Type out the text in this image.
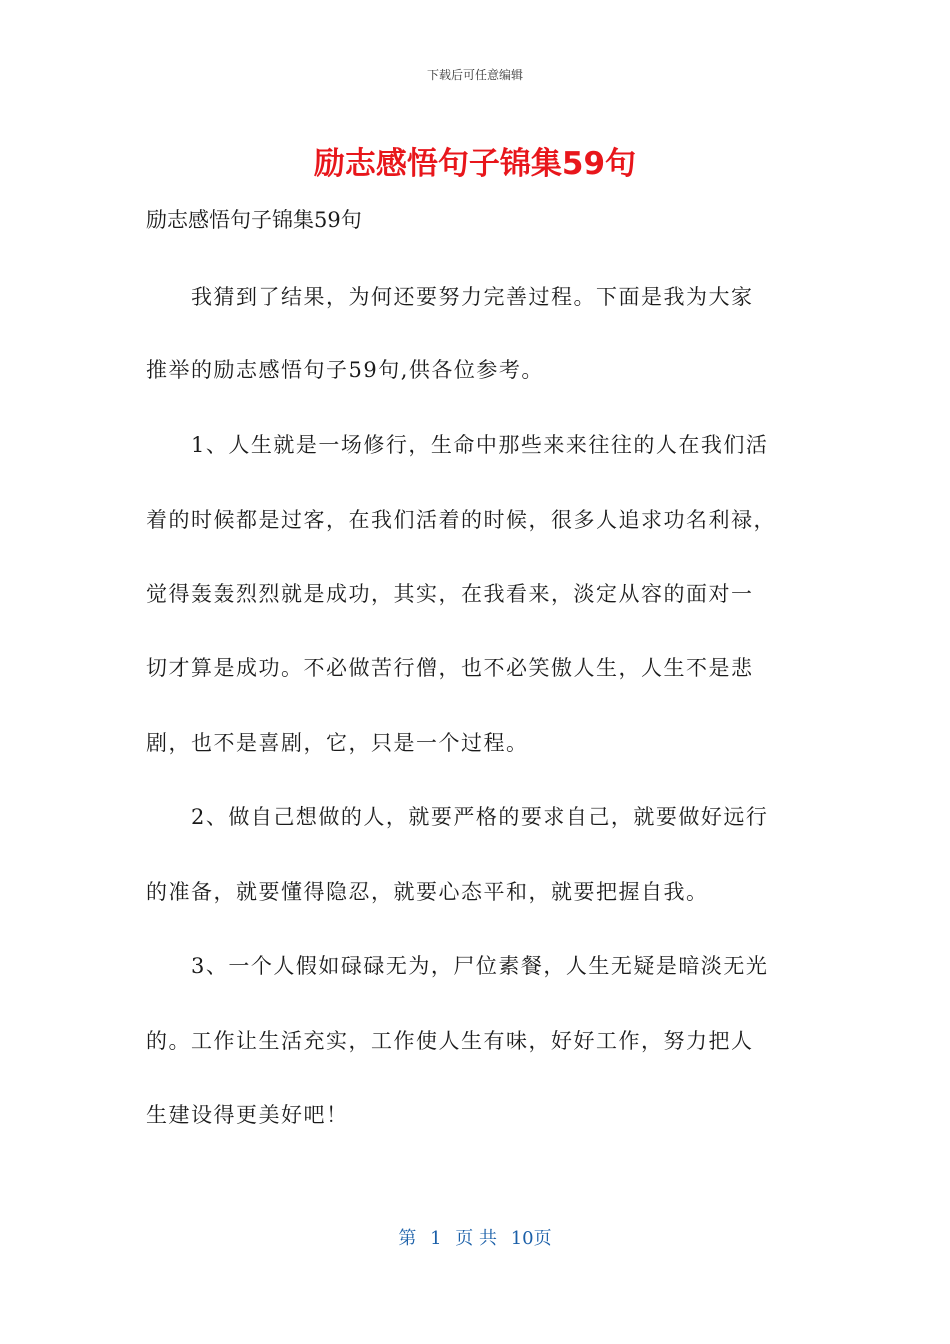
下载后可任意编辑
励志感悟句子锦集59句
励志感悟句子锦集59句
我猜到了结果，为何还要努力完善过程。下面是我为大家
推举的励志感悟句子59句,供各位参考。
1、人生就是一场修行，生命中那些来来往往的人在我们活
着的时候都是过客，在我们活着的时候，很多人追求功名利禄，
觉得轰轰烈烈就是成功，其实，在我看来，淡定从容的面对一
切才算是成功。不必做苦行僧，也不必笑傲人生，人生不是悲
剧，也不是喜剧，它，只是一个过程。
2、做自己想做的人，就要严格的要求自己，就要做好远行
的准备，就要懂得隐忍，就要心态平和，就要把握自我。
3、一个人假如碌碌无为，尸位素餐，人生无疑是暗淡无光
的。工作让生活充实，工作使人生有味，好好工作，努力把人
生建设得更美好吧！
第 1 页 共 10页
